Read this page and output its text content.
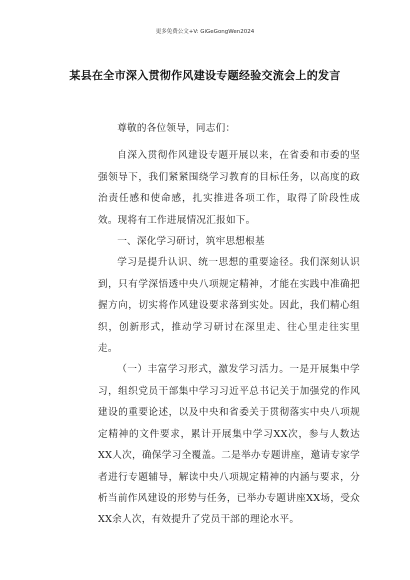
更多免费公文+V: GiGeGongWen2024
某县在全市深入贯彻作风建设专题经验交流会上的发言

尊敬的各位领导，同志们：

自深入贯彻作风建设专题开展以来，在省委和市委的坚强领导下，我们紧紧围绕学习教育的目标任务，以高度的政治责任感和使命感，扎实推进各项工作，取得了阶段性成效。现将有工作进展情况汇报如下。

一、深化学习研讨，筑牢思想根基

学习是提升认识、统一思想的重要途径。我们深刻认识到，只有学深悟透中央八项规定精神，才能在实践中准确把握方向，切实将作风建设要求落到实处。因此，我们精心组织，创新形式，推动学习研讨在深里走、往心里走往实里走。

（一）丰富学习形式，激发学习活力。一是开展集中学习，组织党员干部集中学习习近平总书记关于加强党的作风建设的重要论述，以及中央和省委关于贯彻落实中央八项规定精神的文件要求，累计开展集中学习XX次，参与人数达XX人次，确保学习全覆盖。二是举办专题讲座，邀请专家学者进行专题辅导，解读中央八项规定精神的内涵与要求，分析当前作风建设的形势与任务，已举办专题讲座XX场，受众XX余人次，有效提升了党员干部的理论水平。
